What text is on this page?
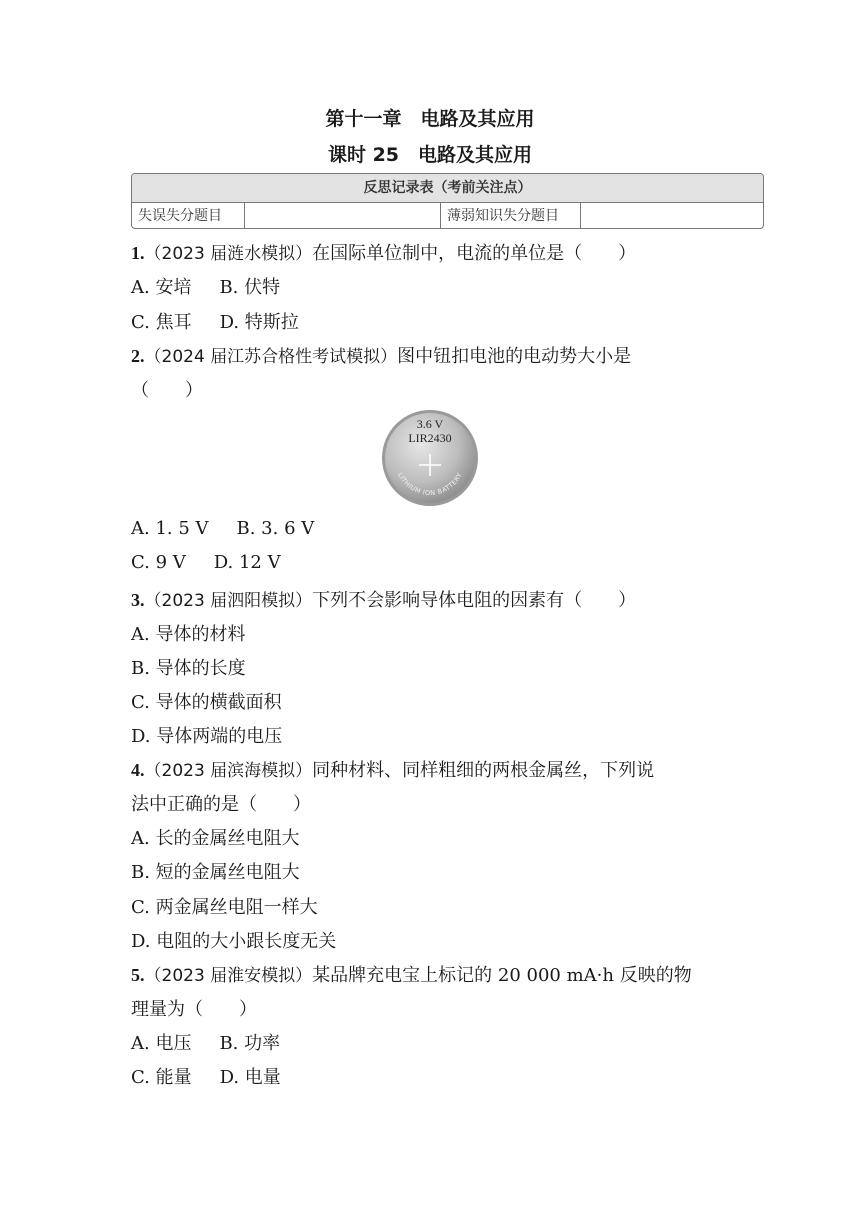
第十一章　电路及其应用
课时 25　电路及其应用
反思记录表（考前关注点）
失误失分题目	薄弱知识失分题目
1.（2023 届涟水模拟）在国际单位制中，电流的单位是（　　）
A. 安培 B. 伏特
C. 焦耳 D. 特斯拉
2.（2024 届江苏合格性考试模拟）图中钮扣电池的电动势大小是
（　　）
3.6 V
LIR2430
LITHIUM ION BATTERY
A. 1. 5 V B. 3. 6 V
C. 9 V D. 12 V
3.（2023 届泗阳模拟）下列不会影响导体电阻的因素有（　　）
A. 导体的材料
B. 导体的长度
C. 导体的横截面积
D. 导体两端的电压
4.（2023 届滨海模拟）同种材料、同样粗细的两根金属丝，下列说
法中正确的是（　　）
A. 长的金属丝电阻大
B. 短的金属丝电阻大
C. 两金属丝电阻一样大
D. 电阻的大小跟长度无关
5.（2023 届淮安模拟）某品牌充电宝上标记的 20 000 mA·h 反映的物
理量为（　　）
A. 电压 B. 功率
C. 能量 D. 电量
